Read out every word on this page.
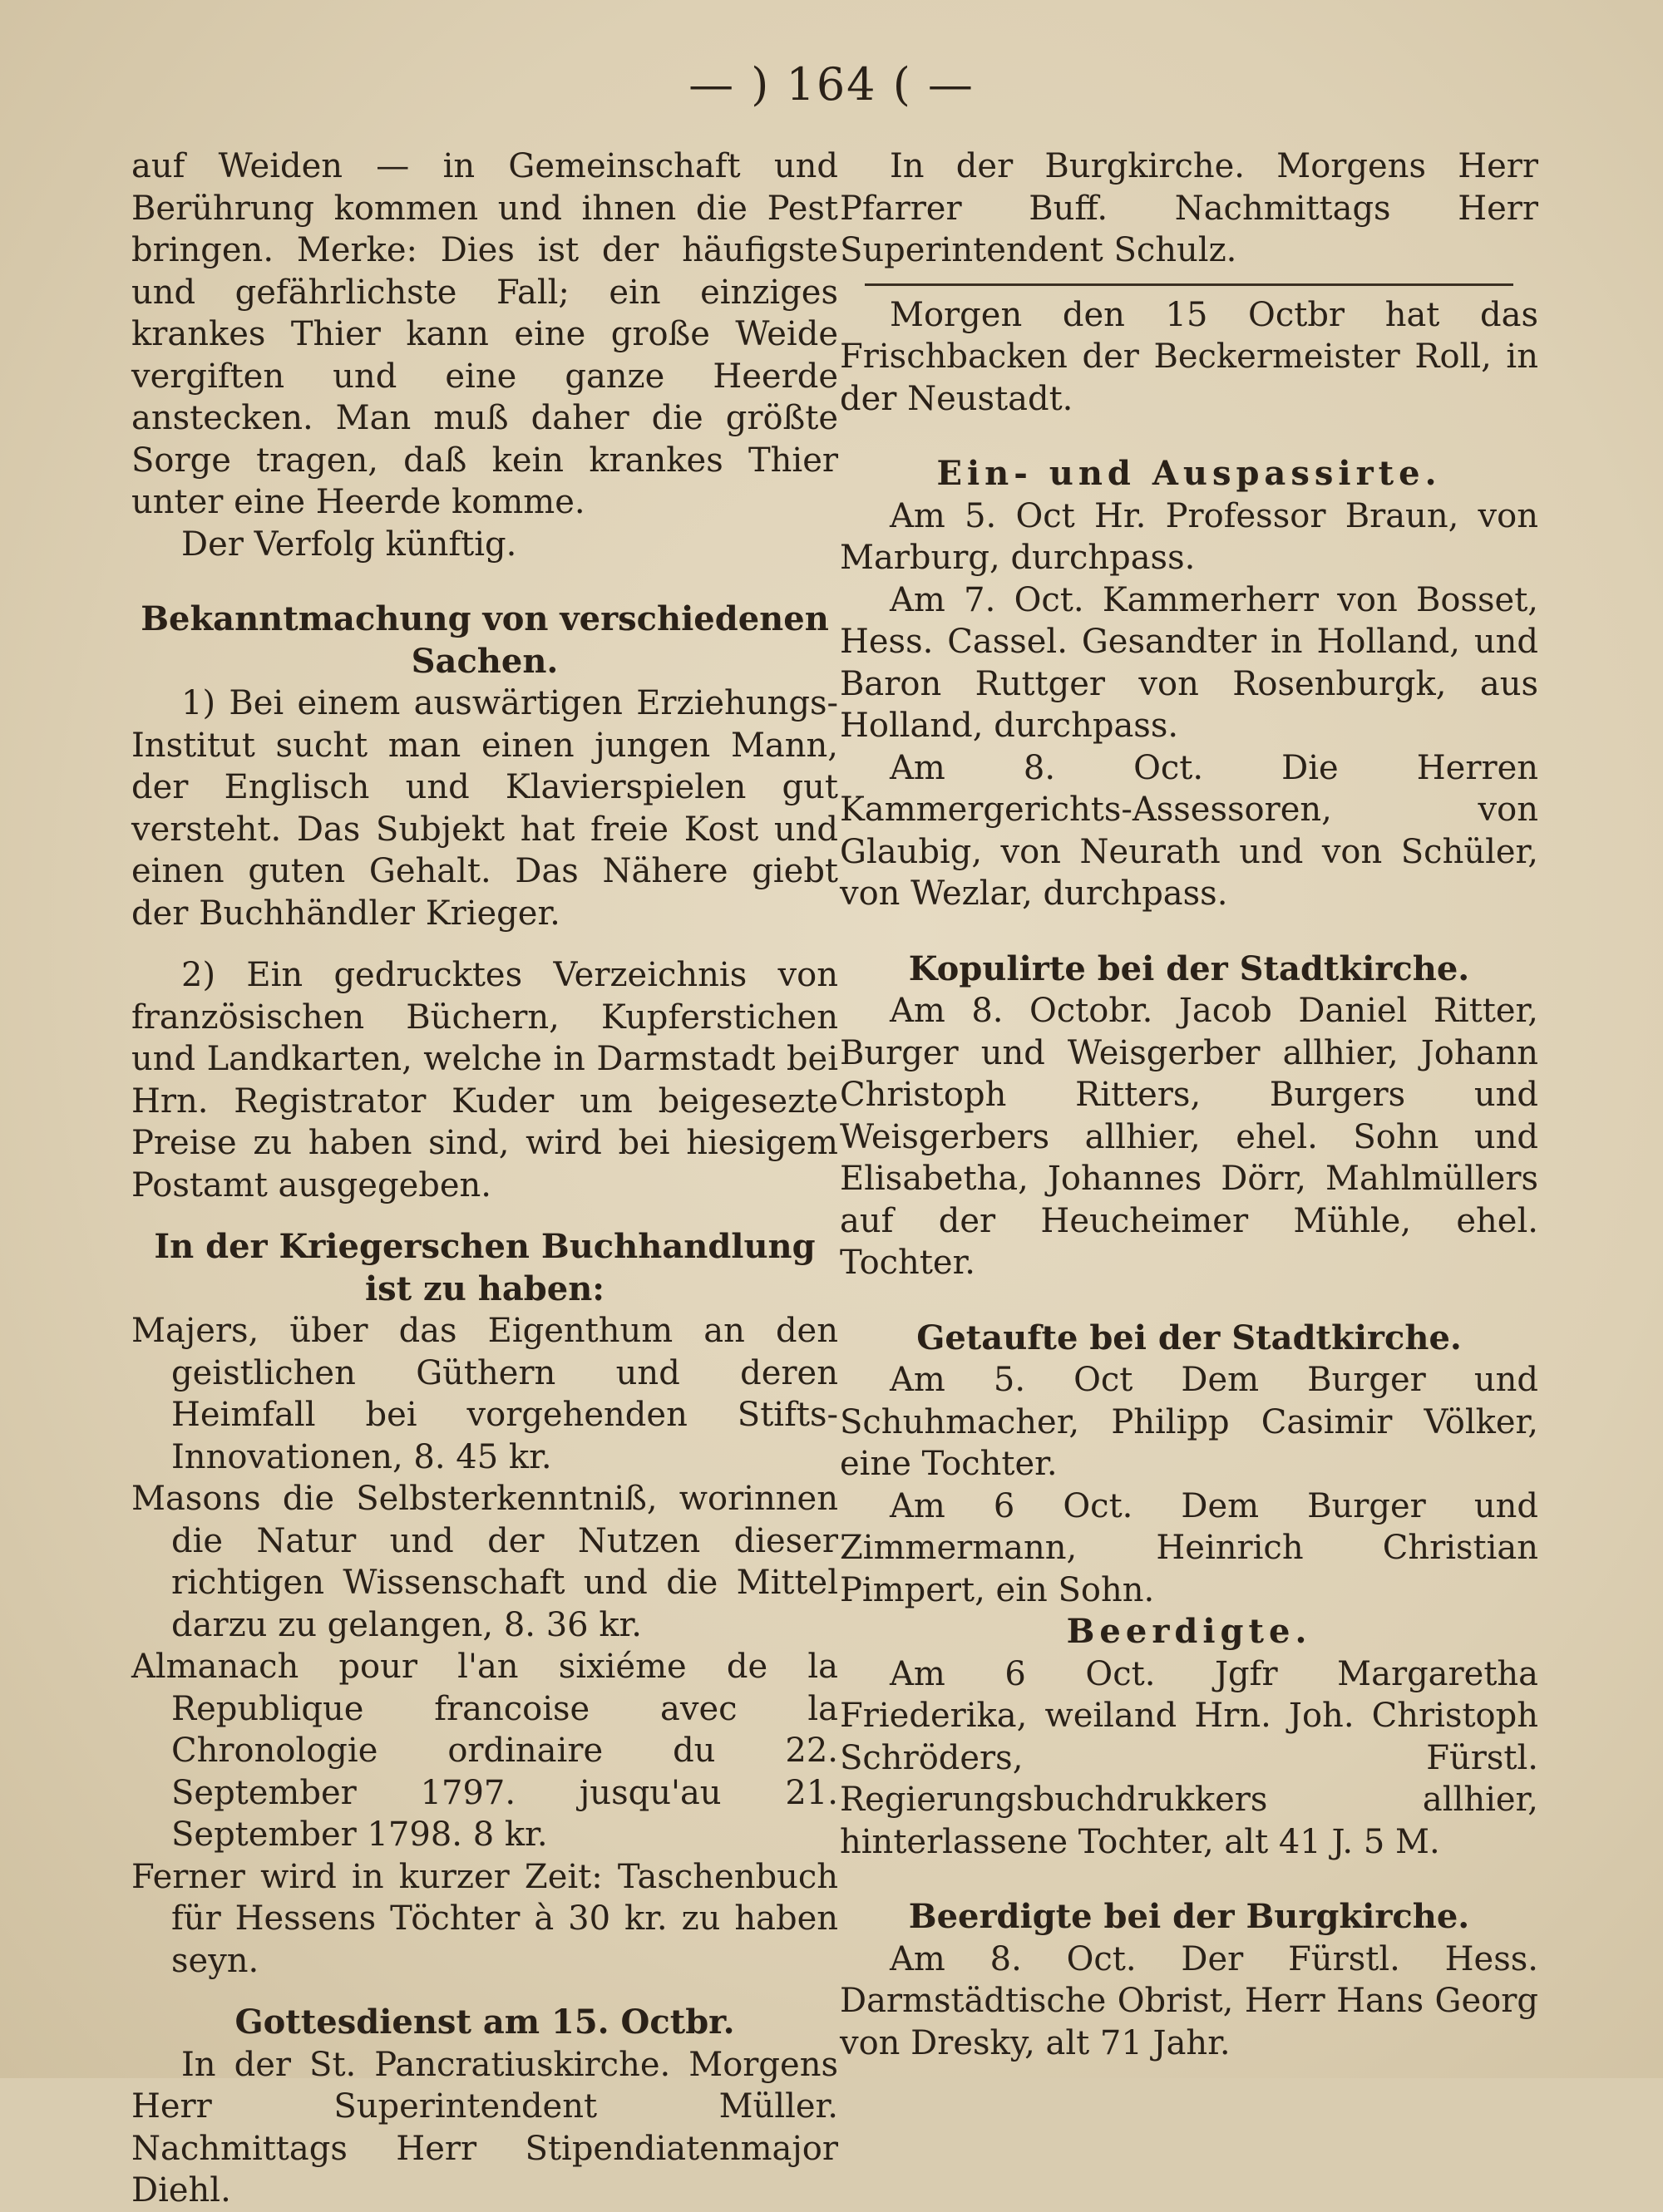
— ) 164 ( —

auf Weiden — in Gemeinschaft und Berührung kommen und ihnen die Pest bringen. Merke: Dies ist der häufigste und gefährlichste Fall; ein einziges krankes Thier kann eine große Weide vergiften und eine ganze Heerde anstecken. Man muß daher die größte Sorge tragen, daß kein krankes Thier unter eine Heerde komme.

Der Verfolg künftig.

Bekanntmachung von verschiedenen Sachen.

1) Bei einem auswärtigen Erziehungs-Institut sucht man einen jungen Mann, der Englisch und Klavierspielen gut versteht. Das Subjekt hat freie Kost und einen guten Gehalt. Das Nähere giebt der Buchhändler Krieger.

2) Ein gedrucktes Verzeichnis von französischen Büchern, Kupferstichen und Landkarten, welche in Darmstadt bei Hrn. Registrator Kuder um beigesezte Preise zu haben sind, wird bei hiesigem Postamt ausgegeben.

In der Kriegerschen Buchhandlung ist zu haben:

Majers, über das Eigenthum an den geistlichen Güthern und deren Heimfall bei vorgehenden Stifts-Innovationen, 8. 45 kr.

Masons die Selbsterkenntniß, worinnen die Natur und der Nutzen dieser richtigen Wissenschaft und die Mittel darzu zu gelangen, 8. 36 kr.

Almanach pour l'an sixiéme de la Republique francoise avec la Chronologie ordinaire du 22. September 1797. jusqu'au 21. September 1798. 8 kr.

Ferner wird in kurzer Zeit: Taschenbuch für Hessens Töchter à 30 kr. zu haben seyn.

Gottesdienst am 15. Octbr.

In der St. Pancratiuskirche. Morgens Herr Superintendent Müller. Nachmittags Herr Stipendiatenmajor Diehl.

In der Burgkirche. Morgens Herr Pfarrer Buff. Nachmittags Herr Superintendent Schulz.

Morgen den 15 Octbr hat das Frischbacken der Beckermeister Roll, in der Neustadt.

Ein- und Auspassirte.

Am 5. Oct Hr. Professor Braun, von Marburg, durchpass.

Am 7. Oct. Kammerherr von Bosset, Hess. Cassel. Gesandter in Holland, und Baron Ruttger von Rosenburgk, aus Holland, durchpass.

Am 8. Oct. Die Herren Kammergerichts-Assessoren, von Glaubig, von Neurath und von Schüler, von Wezlar, durchpass.

Kopulirte bei der Stadtkirche.

Am 8. Octobr. Jacob Daniel Ritter, Burger und Weisgerber allhier, Johann Christoph Ritters, Burgers und Weisgerbers allhier, ehel. Sohn und Elisabetha, Johannes Dörr, Mahlmüllers auf der Heucheimer Mühle, ehel. Tochter.

Getaufte bei der Stadtkirche.

Am 5. Oct Dem Burger und Schuhmacher, Philipp Casimir Völker, eine Tochter.

Am 6 Oct. Dem Burger und Zimmermann, Heinrich Christian Pimpert, ein Sohn.

Beerdigte.

Am 6 Oct. Jgfr Margaretha Friederika, weiland Hrn. Joh. Christoph Schröders, Fürstl. Regierungsbuchdrukkers allhier, hinterlassene Tochter, alt 41 J. 5 M.

Beerdigte bei der Burgkirche.

Am 8. Oct. Der Fürstl. Hess. Darmstädtische Obrist, Herr Hans Georg von Dresky, alt 71 Jahr.
